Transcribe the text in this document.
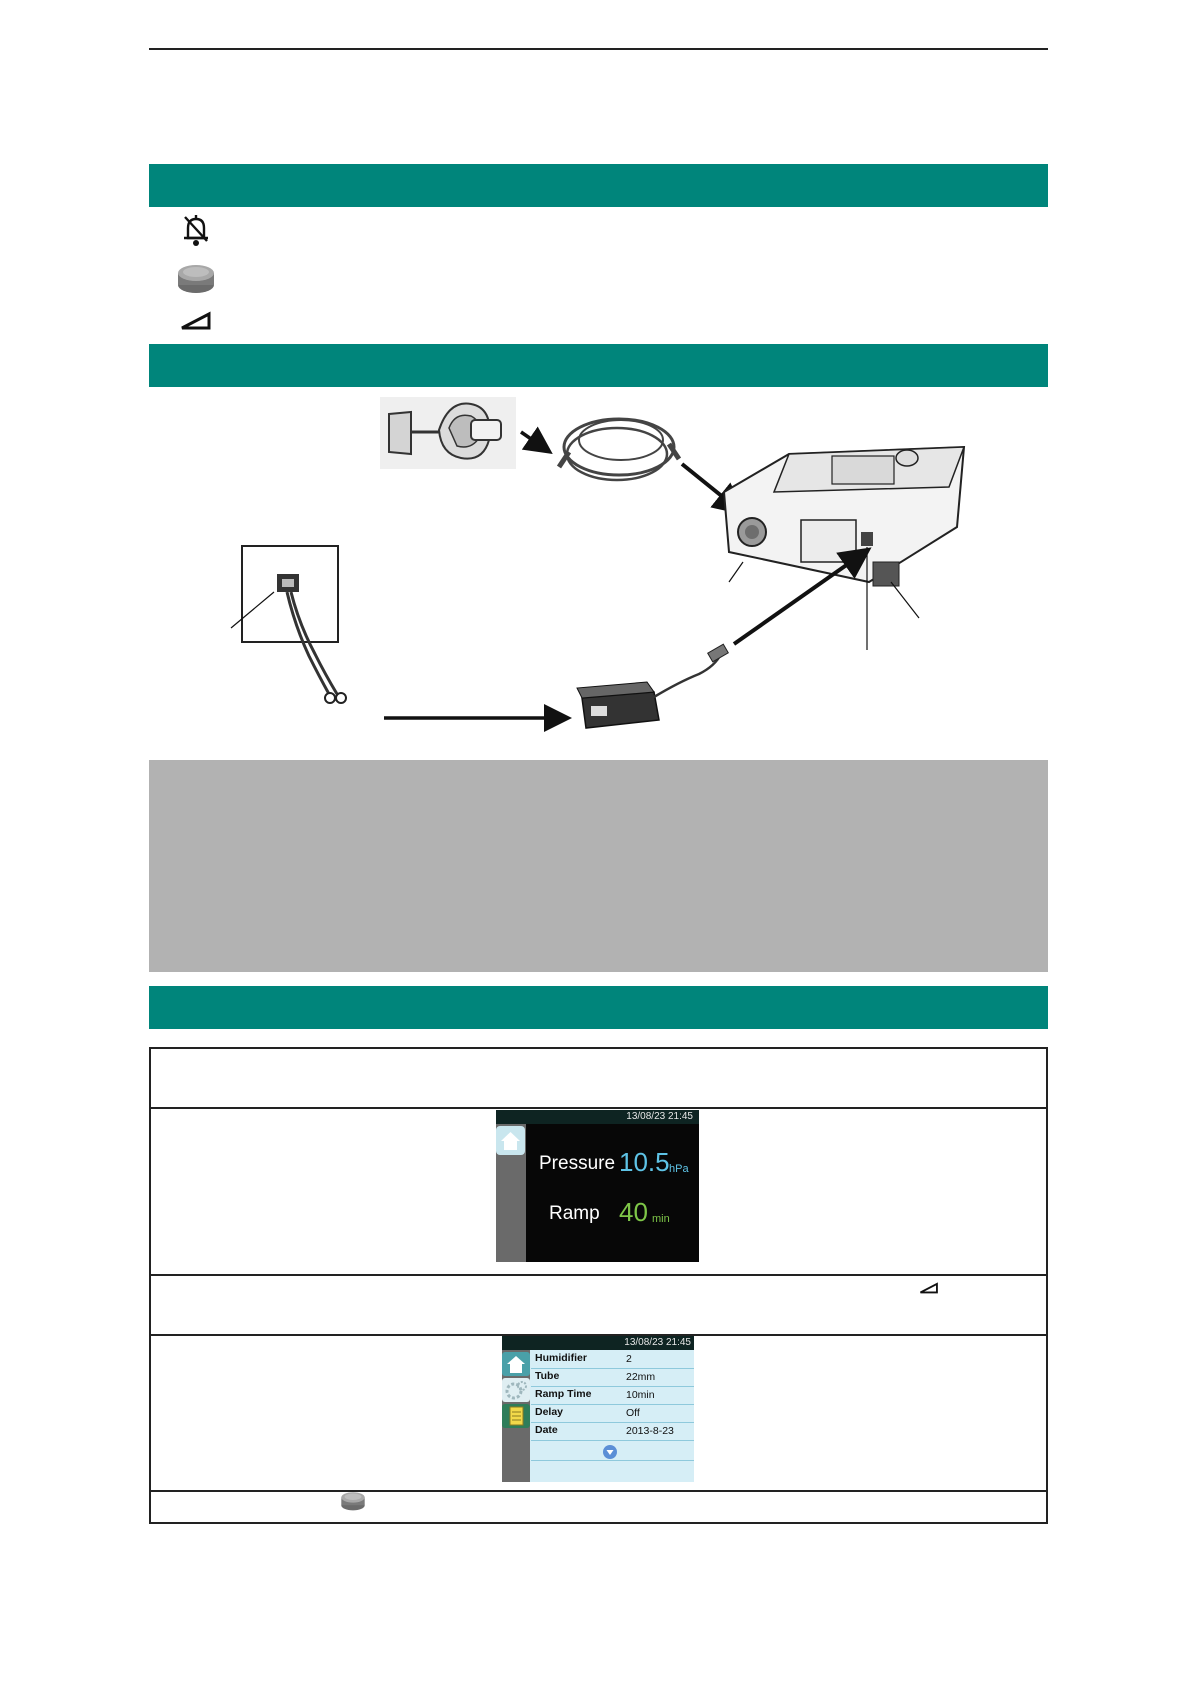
13/08/23 21:45
Pressure 10.5 hPa
Ramp 40 min
13/08/23 21:45
Humidifier	2
Tube	22mm
Ramp Time	10min
Delay	Off
Date	2013-8-23
